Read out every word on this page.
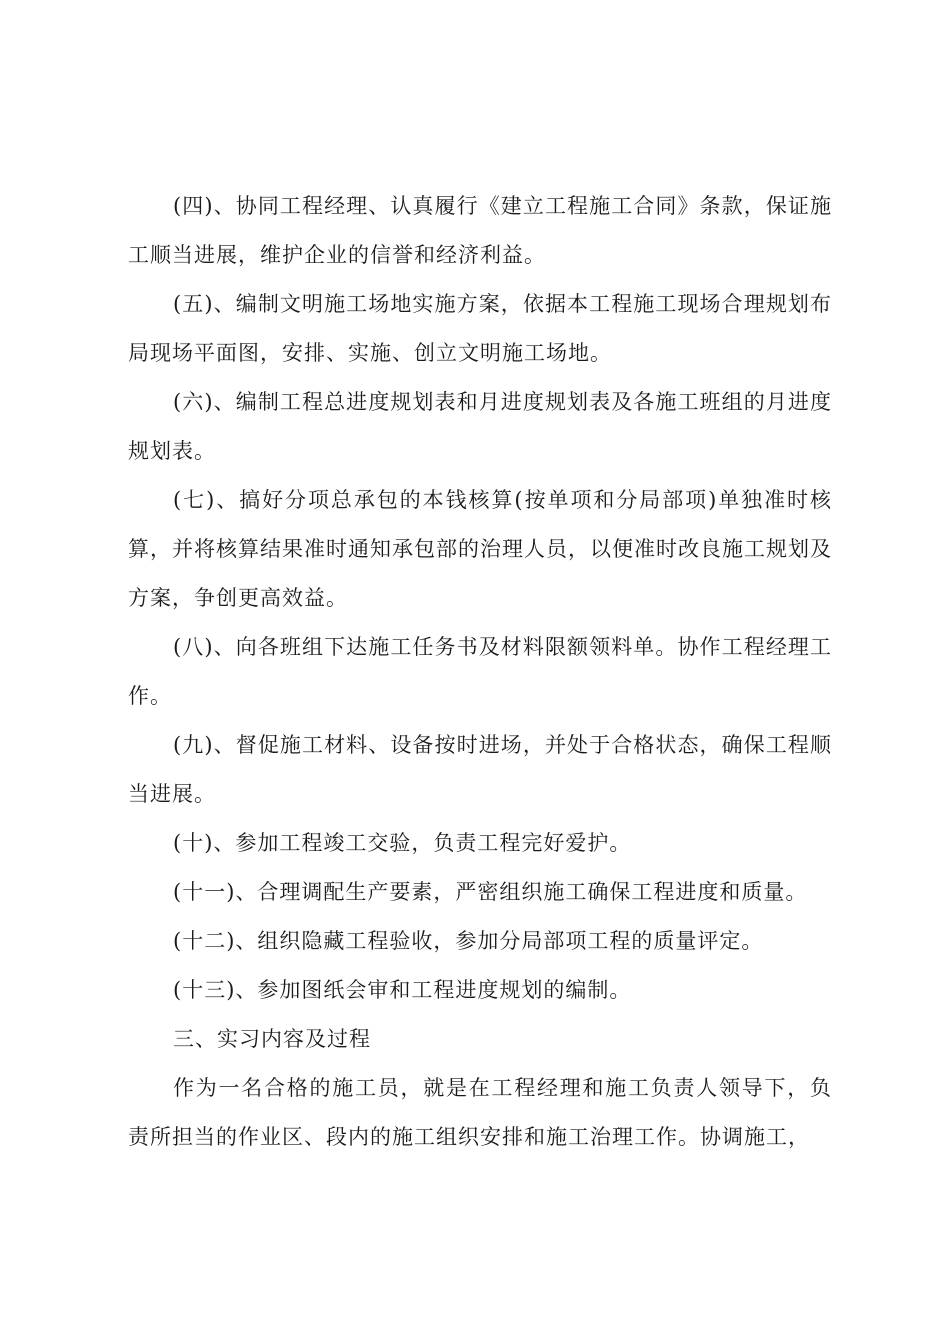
(四)、协同工程经理、认真履行《建立工程施工合同》条款，保证施工顺当进展，维护企业的信誉和经济利益。

(五)、编制文明施工场地实施方案，依据本工程施工现场合理规划布局现场平面图，安排、实施、创立文明施工场地。

(六)、编制工程总进度规划表和月进度规划表及各施工班组的月进度规划表。

(七)、搞好分项总承包的本钱核算(按单项和分局部项)单独准时核算，并将核算结果准时通知承包部的治理人员，以便准时改良施工规划及方案，争创更高效益。

(八)、向各班组下达施工任务书及材料限额领料单。协作工程经理工作。

(九)、督促施工材料、设备按时进场，并处于合格状态，确保工程顺当进展。

(十)、参加工程竣工交验，负责工程完好爱护。

(十一)、合理调配生产要素，严密组织施工确保工程进度和质量。

(十二)、组织隐藏工程验收，参加分局部项工程的质量评定。

(十三)、参加图纸会审和工程进度规划的编制。

三、实习内容及过程

作为一名合格的施工员，就是在工程经理和施工负责人领导下，负责所担当的作业区、段内的施工组织安排和施工治理工作。协调施工，
